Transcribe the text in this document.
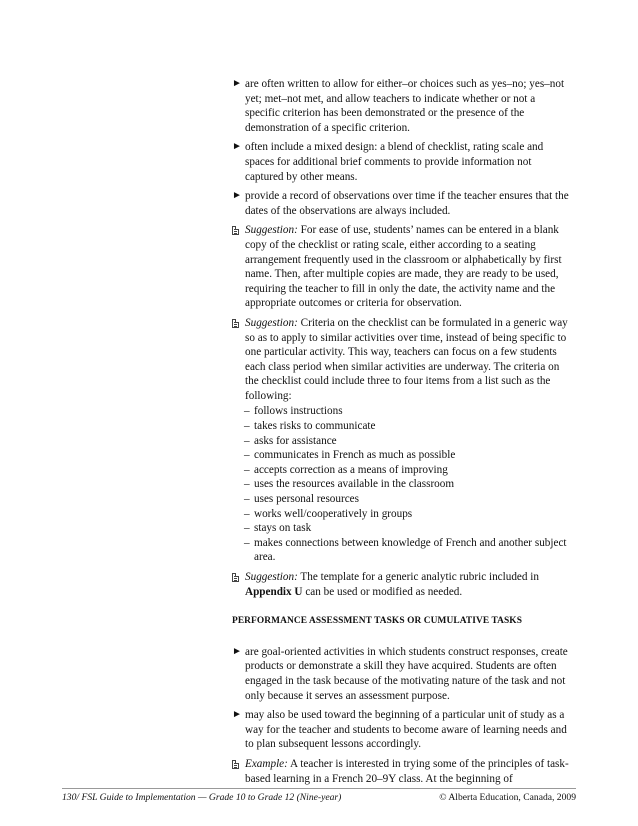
► are often written to allow for either–or choices such as yes–no; yes–not yet; met–not met, and allow teachers to indicate whether or not a specific criterion has been demonstrated or the presence of the demonstration of a specific criterion.

► often include a mixed design: a blend of checklist, rating scale and spaces for additional brief comments to provide information not captured by other means.

► provide a record of observations over time if the teacher ensures that the dates of the observations are always included.

Suggestion: For ease of use, students’ names can be entered in a blank copy of the checklist or rating scale, either according to a seating arrangement frequently used in the classroom or alphabetically by first name. Then, after multiple copies are made, they are ready to be used, requiring the teacher to fill in only the date, the activity name and the appropriate outcomes or criteria for observation.

Suggestion: Criteria on the checklist can be formulated in a generic way so as to apply to similar activities over time, instead of being specific to one particular activity. This way, teachers can focus on a few students each class period when similar activities are underway. The criteria on the checklist could include three to four items from a list such as the following:

– follows instructions
– takes risks to communicate
– asks for assistance
– communicates in French as much as possible
– accepts correction as a means of improving
– uses the resources available in the classroom
– uses personal resources
– works well/cooperatively in groups
– stays on task
– makes connections between knowledge of French and another subject area.

Suggestion: The template for a generic analytic rubric included in Appendix U can be used or modified as needed.

PERFORMANCE ASSESSMENT TASKS OR CUMULATIVE TASKS

► are goal-oriented activities in which students construct responses, create products or demonstrate a skill they have acquired. Students are often engaged in the task because of the motivating nature of the task and not only because it serves an assessment purpose.

► may also be used toward the beginning of a particular unit of study as a way for the teacher and students to become aware of learning needs and to plan subsequent lessons accordingly.

Example: A teacher is interested in trying some of the principles of task-based learning in a French 20–9Y class. At the beginning of

130/ FSL Guide to Implementation — Grade 10 to Grade 12 (Nine-year)	© Alberta Education, Canada, 2009
